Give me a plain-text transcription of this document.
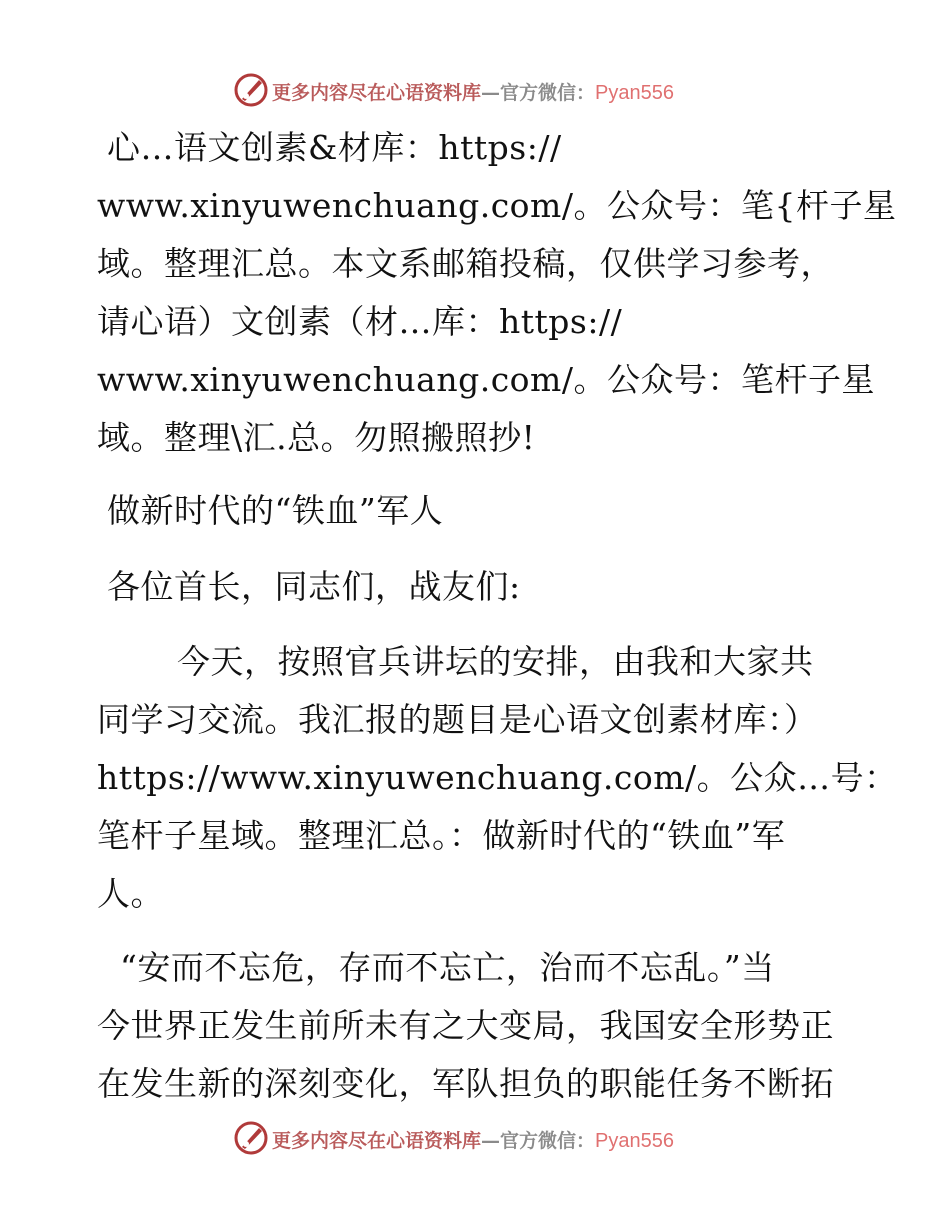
更多内容尽在心语资料库—官方微信：Pyan556
心…语文创素&材库：https://
www.xinyuwenchuang.com/。公众号：笔{杆子星
域。整理汇总。本文系邮箱投稿，仅供学习参考，
请心语）文创素（材…库：https://
www.xinyuwenchuang.com/。公众号：笔杆子星
域。整理\汇.总。勿照搬照抄!
做新时代的“铁血”军人
各位首长，同志们，战友们:
今天，按照官兵讲坛的安排，由我和大家共
同学习交流。我汇报的题目是心语文创素材库：）
https://www.xinyuwenchuang.com/。公众…号：
笔杆子星域。整理汇总。：做新时代的“铁血”军
人。
“安而不忘危，存而不忘亡，治而不忘乱。”当
今世界正发生前所未有之大变局，我国安全形势正
在发生新的深刻变化，军队担负的职能任务不断拓
更多内容尽在心语资料库—官方微信：Pyan556
